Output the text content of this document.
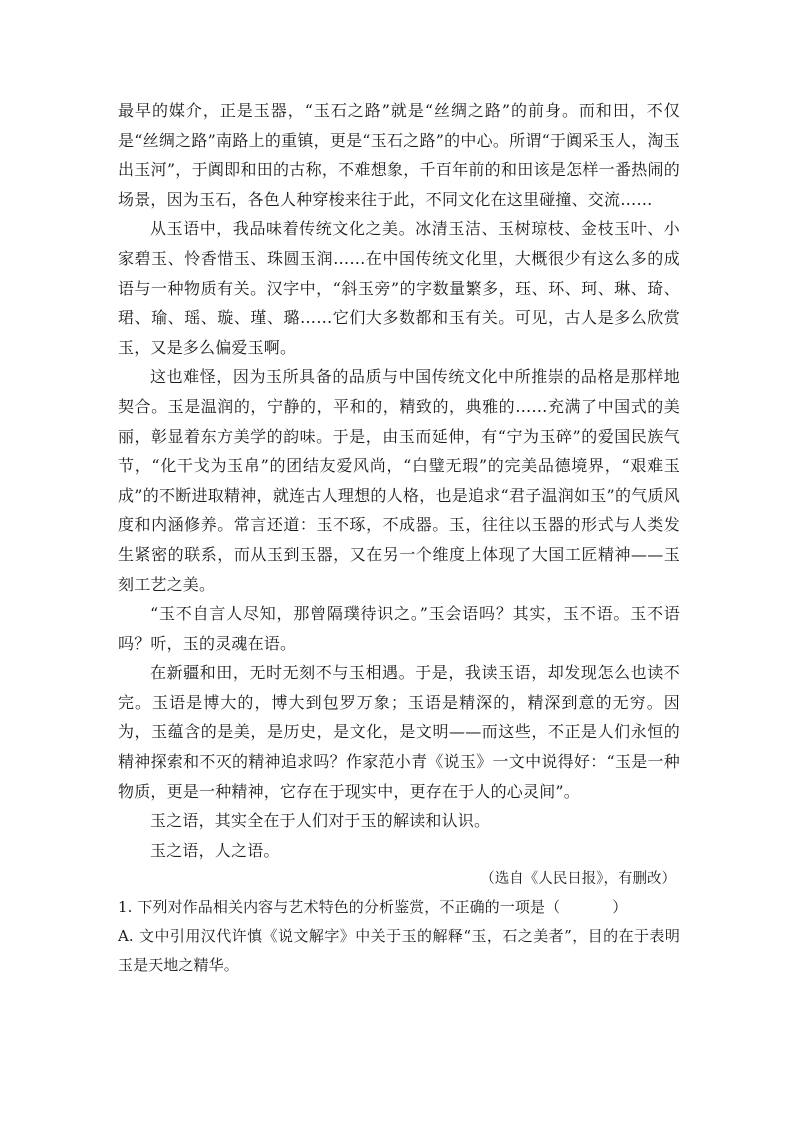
最早的媒介，正是玉器，“玉石之路”就是“丝绸之路”的前身。而和田，不仅是“丝绸之路”南路上的重镇，更是“玉石之路”的中心。所谓“于阗采玉人，淘玉出玉河”，于阗即和田的古称，不难想象，千百年前的和田该是怎样一番热闹的场景，因为玉石，各色人种穿梭来往于此，不同文化在这里碰撞、交流……

从玉语中，我品味着传统文化之美。冰清玉洁、玉树琼枝、金枝玉叶、小家碧玉、怜香惜玉、珠圆玉润……在中国传统文化里，大概很少有这么多的成语与一种物质有关。汉字中，“斜玉旁”的字数量繁多，珏、环、珂、琳、琦、珺、瑜、瑶、璇、瑾、璐……它们大多数都和玉有关。可见，古人是多么欣赏玉，又是多么偏爱玉啊。

这也难怪，因为玉所具备的品质与中国传统文化中所推崇的品格是那样地契合。玉是温润的，宁静的，平和的，精致的，典雅的……充满了中国式的美丽，彰显着东方美学的韵味。于是，由玉而延伸，有“宁为玉碎”的爱国民族气节，“化干戈为玉帛”的团结友爱风尚，“白璧无瑕”的完美品德境界，“艰难玉成”的不断进取精神，就连古人理想的人格，也是追求“君子温润如玉”的气质风度和内涵修养。常言还道：玉不琢，不成器。玉，往往以玉器的形式与人类发生紧密的联系，而从玉到玉器，又在另一个维度上体现了大国工匠精神——玉刻工艺之美。

“玉不自言人尽知，那曾隔璞待识之。”玉会语吗？其实，玉不语。玉不语吗？听，玉的灵魂在语。

在新疆和田，无时无刻不与玉相遇。于是，我读玉语，却发现怎么也读不完。玉语是博大的，博大到包罗万象；玉语是精深的，精深到意的无穷。因为，玉蕴含的是美，是历史，是文化，是文明——而这些，不正是人们永恒的精神探索和不灭的精神追求吗？作家范小青《说玉》一文中说得好：“玉是一种物质，更是一种精神，它存在于现实中，更存在于人的心灵间”。

玉之语，其实全在于人们对于玉的解读和认识。

玉之语，人之语。

（选自《人民日报》，有删改）

1. 下列对作品相关内容与艺术特色的分析鉴赏，不正确的一项是（	）

A. 文中引用汉代许慎《说文解字》中关于玉的解释“玉，石之美者”，目的在于表明玉是天地之精华。
